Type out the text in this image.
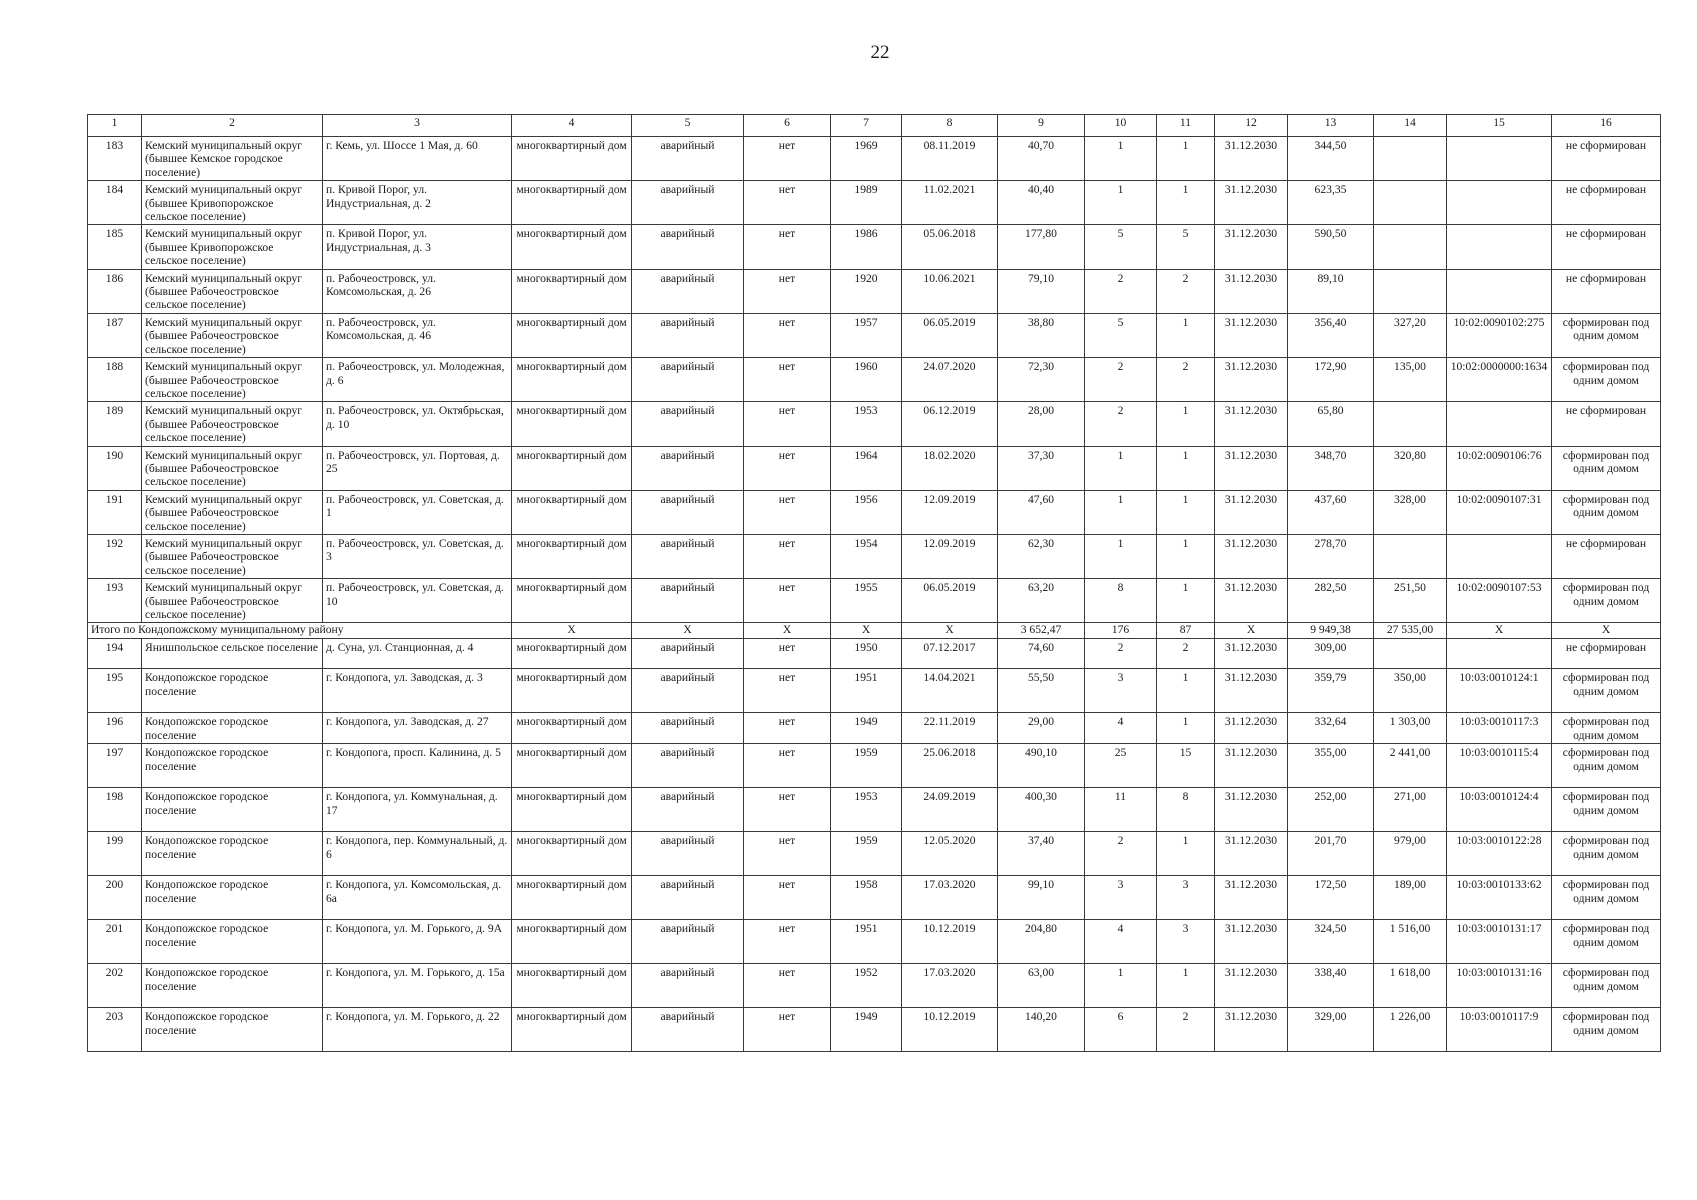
22
1	2	3	4	5	6	7	8	9	10	11	12	13	14	15	16
183	Кемский муниципальный округ (бывшее Кемское городское поселение)	г. Кемь, ул. Шоссе 1 Мая, д. 60	многоквартирный дом	аварийный	нет	1969	08.11.2019	40,70	1	1	31.12.2030	344,50			не сформирован
184	Кемский муниципальный округ (бывшее Кривопорожское сельское поселение)	п. Кривой Порог, ул. Индустриальная, д. 2	многоквартирный дом	аварийный	нет	1989	11.02.2021	40,40	1	1	31.12.2030	623,35			не сформирован
185	Кемский муниципальный округ (бывшее Кривопорожское сельское поселение)	п. Кривой Порог, ул. Индустриальная, д. 3	многоквартирный дом	аварийный	нет	1986	05.06.2018	177,80	5	5	31.12.2030	590,50			не сформирован
186	Кемский муниципальный округ (бывшее Рабочеостровское сельское поселение)	п. Рабочеостровск, ул. Комсомольская, д. 26	многоквартирный дом	аварийный	нет	1920	10.06.2021	79,10	2	2	31.12.2030	89,10			не сформирован
187	Кемский муниципальный округ (бывшее Рабочеостровское сельское поселение)	п. Рабочеостровск, ул. Комсомольская, д. 46	многоквартирный дом	аварийный	нет	1957	06.05.2019	38,80	5	1	31.12.2030	356,40	327,20	10:02:0090102:275	сформирован под одним домом
188	Кемский муниципальный округ (бывшее Рабочеостровское сельское поселение)	п. Рабочеостровск, ул. Молодежная, д. 6	многоквартирный дом	аварийный	нет	1960	24.07.2020	72,30	2	2	31.12.2030	172,90	135,00	10:02:0000000:1634	сформирован под одним домом
189	Кемский муниципальный округ (бывшее Рабочеостровское сельское поселение)	п. Рабочеостровск, ул. Октябрьская, д. 10	многоквартирный дом	аварийный	нет	1953	06.12.2019	28,00	2	1	31.12.2030	65,80			не сформирован
190	Кемский муниципальный округ (бывшее Рабочеостровское сельское поселение)	п. Рабочеостровск, ул. Портовая, д. 25	многоквартирный дом	аварийный	нет	1964	18.02.2020	37,30	1	1	31.12.2030	348,70	320,80	10:02:0090106:76	сформирован под одним домом
191	Кемский муниципальный округ (бывшее Рабочеостровское сельское поселение)	п. Рабочеостровск, ул. Советская, д. 1	многоквартирный дом	аварийный	нет	1956	12.09.2019	47,60	1	1	31.12.2030	437,60	328,00	10:02:0090107:31	сформирован под одним домом
192	Кемский муниципальный округ (бывшее Рабочеостровское сельское поселение)	п. Рабочеостровск, ул. Советская, д. 3	многоквартирный дом	аварийный	нет	1954	12.09.2019	62,30	1	1	31.12.2030	278,70			не сформирован
193	Кемский муниципальный округ (бывшее Рабочеостровское сельское поселение)	п. Рабочеостровск, ул. Советская, д. 10	многоквартирный дом	аварийный	нет	1955	06.05.2019	63,20	8	1	31.12.2030	282,50	251,50	10:02:0090107:53	сформирован под одним домом
Итого по Кондопожскому муниципальному району			X	X	X	X	X	3 652,47	176	87	X	9 949,38	27 535,00	X	X
194	Янишпольское сельское поселение	д. Суна, ул. Станционная, д. 4	многоквартирный дом	аварийный	нет	1950	07.12.2017	74,60	2	2	31.12.2030	309,00			не сформирован
195	Кондопожское городское поселение	г. Кондопога, ул. Заводская, д. 3	многоквартирный дом	аварийный	нет	1951	14.04.2021	55,50	3	1	31.12.2030	359,79	350,00	10:03:0010124:1	сформирован под одним домом
196	Кондопожское городское поселение	г. Кондопога, ул. Заводская, д. 27	многоквартирный дом	аварийный	нет	1949	22.11.2019	29,00	4	1	31.12.2030	332,64	1 303,00	10:03:0010117:3	сформирован под одним домом
197	Кондопожское городское поселение	г. Кондопога, просп. Калинина, д. 5	многоквартирный дом	аварийный	нет	1959	25.06.2018	490,10	25	15	31.12.2030	355,00	2 441,00	10:03:0010115:4	сформирован под одним домом
198	Кондопожское городское поселение	г. Кондопога, ул. Коммунальная, д. 17	многоквартирный дом	аварийный	нет	1953	24.09.2019	400,30	11	8	31.12.2030	252,00	271,00	10:03:0010124:4	сформирован под одним домом
199	Кондопожское городское поселение	г. Кондопога, пер. Коммунальный, д. 6	многоквартирный дом	аварийный	нет	1959	12.05.2020	37,40	2	1	31.12.2030	201,70	979,00	10:03:0010122:28	сформирован под одним домом
200	Кондопожское городское поселение	г. Кондопога, ул. Комсомольская, д. 6а	многоквартирный дом	аварийный	нет	1958	17.03.2020	99,10	3	3	31.12.2030	172,50	189,00	10:03:0010133:62	сформирован под одним домом
201	Кондопожское городское поселение	г. Кондопога, ул. М. Горького, д. 9А	многоквартирный дом	аварийный	нет	1951	10.12.2019	204,80	4	3	31.12.2030	324,50	1 516,00	10:03:0010131:17	сформирован под одним домом
202	Кондопожское городское поселение	г. Кондопога, ул. М. Горького, д. 15а	многоквартирный дом	аварийный	нет	1952	17.03.2020	63,00	1	1	31.12.2030	338,40	1 618,00	10:03:0010131:16	сформирован под одним домом
203	Кондопожское городское поселение	г. Кондопога, ул. М. Горького, д. 22	многоквартирный дом	аварийный	нет	1949	10.12.2019	140,20	6	2	31.12.2030	329,00	1 226,00	10:03:0010117:9	сформирован под одним домом
